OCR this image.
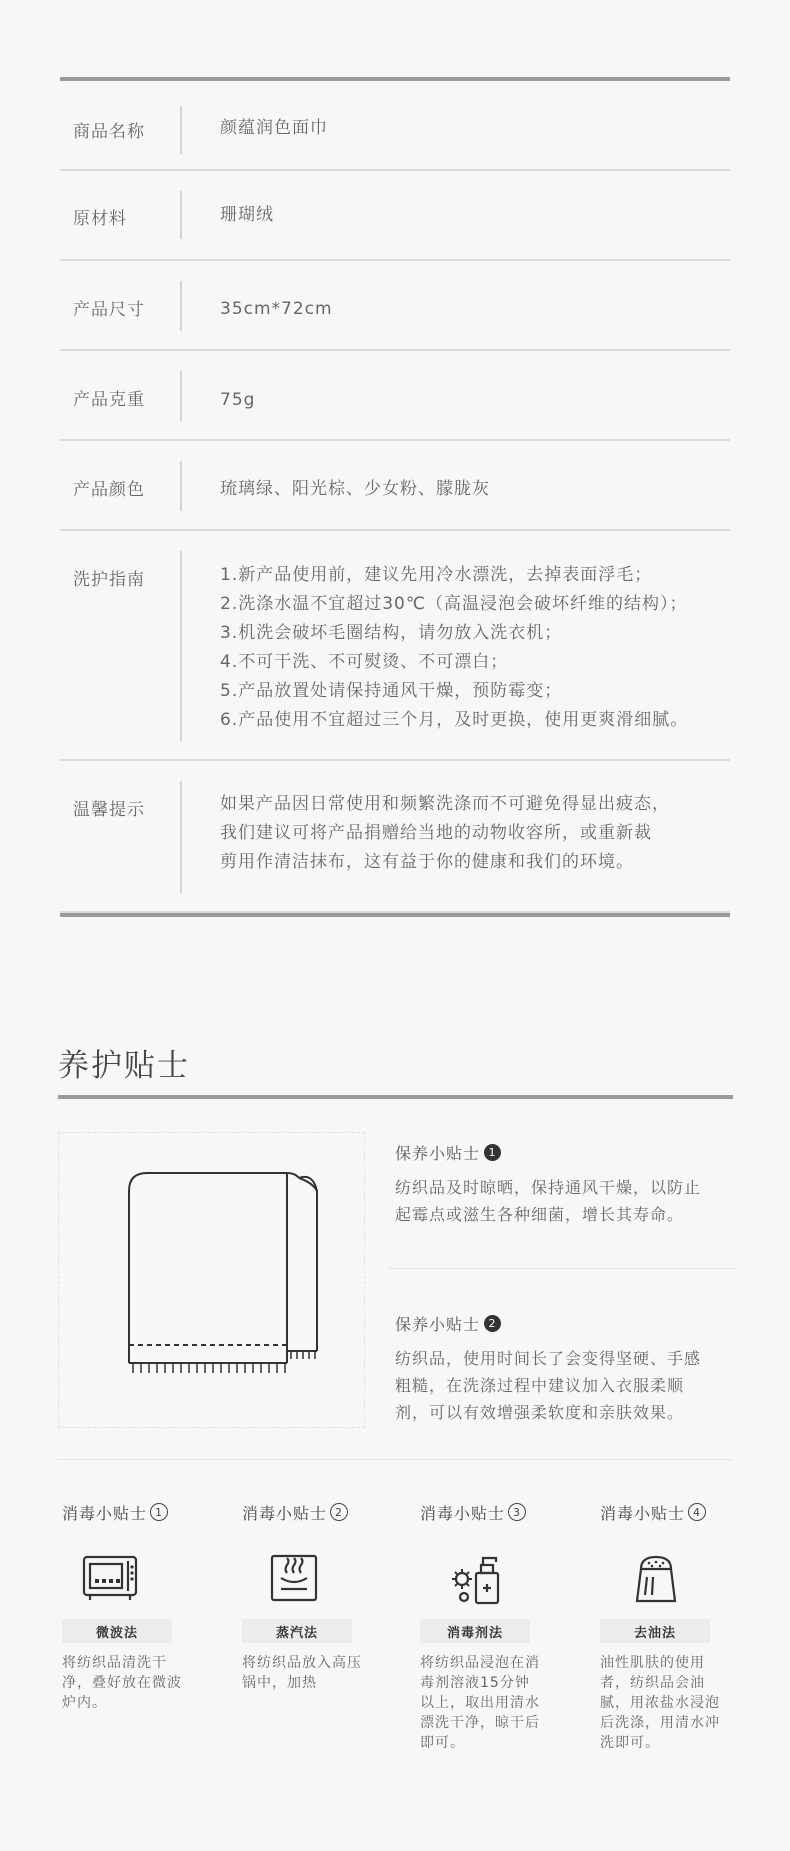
商品名称	颜蕴润色面巾
原材料	珊瑚绒
产品尺寸	35cm*72cm
产品克重	75g
产品颜色	琉璃绿、阳光棕、少女粉、朦胧灰
洗护指南	1.新产品使用前，建议先用冷水漂洗，去掉表面浮毛；
2.洗涤水温不宜超过30℃（高温浸泡会破坏纤维的结构）；
3.机洗会破坏毛圈结构，请勿放入洗衣机；
4.不可干洗、不可熨烫、不可漂白；
5.产品放置处请保持通风干燥，预防霉变；
6.产品使用不宜超过三个月，及时更换，使用更爽滑细腻。
温馨提示	如果产品因日常使用和频繁洗涤而不可避免得显出疲态，
我们建议可将产品捐赠给当地的动物收容所，或重新裁
剪用作清洁抹布，这有益于你的健康和我们的环境。
养护贴士
保养小贴士 1
纺织品及时晾晒，保持通风干燥，以防止
起霉点或滋生各种细菌，增长其寿命。
保养小贴士 2
纺织品，使用时间长了会变得坚硬、手感
粗糙，在洗涤过程中建议加入衣服柔顺
剂，可以有效增强柔软度和亲肤效果。
消毒小贴士 1
微波法
将纺织品清洗干
净，叠好放在微波
炉内。
消毒小贴士 2
蒸汽法
将纺织品放入高压
锅中，加热
消毒小贴士 3
消毒剂法
将纺织品浸泡在消
毒剂溶液15分钟
以上，取出用清水
漂洗干净，晾干后
即可。
消毒小贴士 4
去油法
油性肌肤的使用
者，纺织品会油
腻，用浓盐水浸泡
后洗涤，用清水冲
洗即可。
